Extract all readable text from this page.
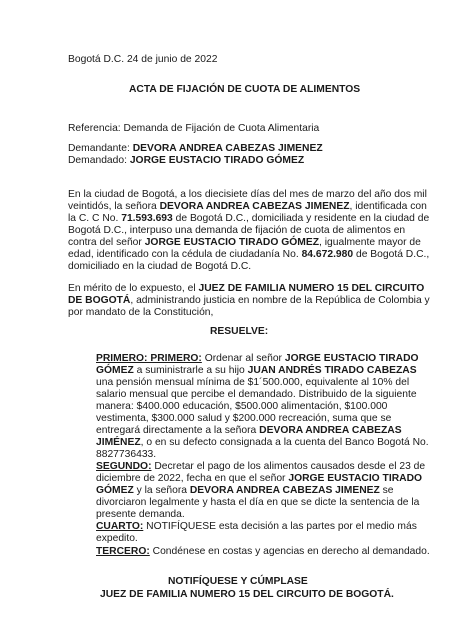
Bogotá D.C. 24 de junio de 2022
ACTA DE FIJACIÓN DE CUOTA DE ALIMENTOS
Referencia: Demanda de Fijación de Cuota Alimentaria
Demandante: DEVORA ANDREA CABEZAS JIMENEZ
Demandado: JORGE EUSTACIO TIRADO GÓMEZ
En la ciudad de Bogotá, a los diecisiete días del mes de marzo del año dos mil
veintidós, la señora DEVORA ANDREA CABEZAS JIMENEZ, identificada con
la C. C No. 71.593.693 de Bogotá D.C., domiciliada y residente en la ciudad de
Bogotá D.C., interpuso una demanda de fijación de cuota de alimentos en
contra del señor JORGE EUSTACIO TIRADO GÓMEZ, igualmente mayor de
edad, identificado con la cédula de ciudadanía No. 84.672.980 de Bogotá D.C.,
domiciliado en la ciudad de Bogotá D.C.
En mérito de lo expuesto, el JUEZ DE FAMILIA NUMERO 15 DEL CIRCUITO
DE BOGOTÁ, administrando justicia en nombre de la República de Colombia y
por mandato de la Constitución,
RESUELVE:
PRIMERO: PRIMERO: Ordenar al señor JORGE EUSTACIO TIRADO
GÓMEZ a suministrarle a su hijo JUAN ANDRÉS TIRADO CABEZAS
una pensión mensual mínima de $1´500.000, equivalente al 10% del
salario mensual que percibe el demandado. Distribuido de la siguiente
manera: $400.000 educación, $500.000 alimentación, $100.000
vestimenta, $300.000 salud y $200.000 recreación, suma que se
entregará directamente a la señora DEVORA ANDREA CABEZAS
JIMÉNEZ, o en su defecto consignada a la cuenta del Banco Bogotá No.
8827736433.
SEGUNDO: Decretar el pago de los alimentos causados desde el 23 de
diciembre de 2022, fecha en que el señor JORGE EUSTACIO TIRADO
GÓMEZ y la señora DEVORA ANDREA CABEZAS JIMENEZ se
divorciaron legalmente y hasta el día en que se dicte la sentencia de la
presente demanda.
CUARTO: NOTIFÍQUESE esta decisión a las partes por el medio más
expedito.
TERCERO: Condénese en costas y agencias en derecho al demandado.
NOTIFÍQUESE Y CÚMPLASE
JUEZ DE FAMILIA NUMERO 15 DEL CIRCUITO DE BOGOTÁ.
